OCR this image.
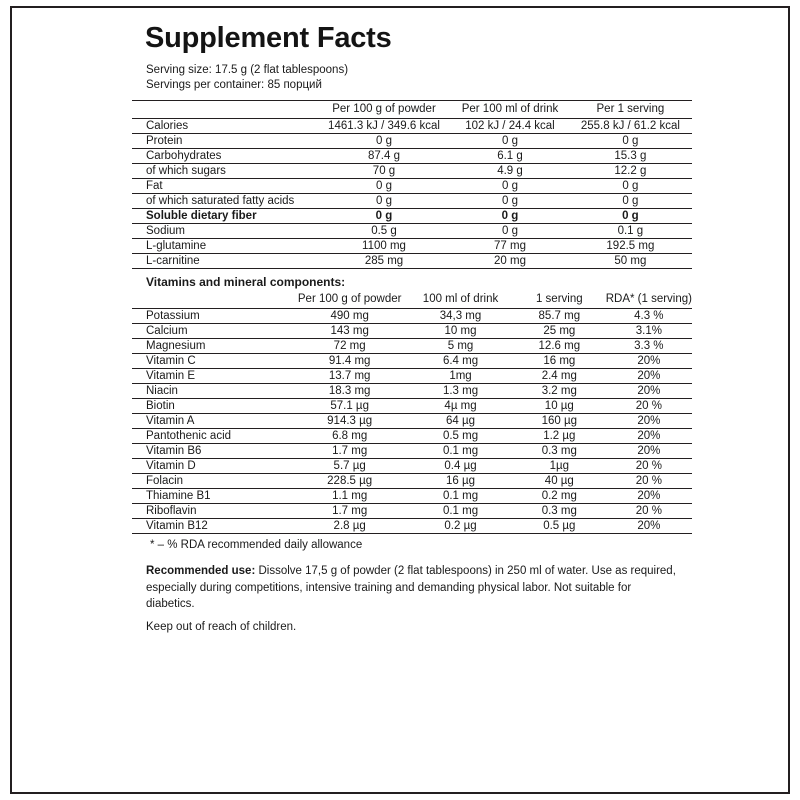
Supplement Facts
Serving size: 17.5 g (2 flat tablespoons)
Servings per container: 85 порций
	Per 100 g of powder	Per 100 ml of drink	Per 1 serving
Calories	1461.3 kJ / 349.6 kcal	102 kJ / 24.4 kcal	255.8 kJ / 61.2 kcal
Protein	0 g	0 g	0 g
Carbohydrates	87.4 g	6.1 g	15.3 g
of which sugars	70 g	4.9 g	12.2 g
Fat	0 g	0 g	0 g
of which saturated fatty acids	0 g	0 g	0 g
Soluble dietary fiber	0 g	0 g	0 g
Sodium	0.5 g	0 g	0.1 g
L-glutamine	1100 mg	77 mg	192.5 mg
L-carnitine	285 mg	20 mg	50 mg
Vitamins and mineral components:
	Per 100 g of powder	100 ml of drink	1 serving	RDA* (1 serving)
Potassium	490 mg	34,3 mg	85.7 mg	4.3 %
Calcium	143 mg	10 mg	25 mg	3.1%
Magnesium	72 mg	5 mg	12.6 mg	3.3 %
Vitamin C	91.4 mg	6.4 mg	16 mg	20%
Vitamin E	13.7 mg	1mg	2.4 mg	20%
Niacin	18.3 mg	1.3 mg	3.2 mg	20%
Biotin	57.1 µg	4µ mg	10 µg	20 %
Vitamin A	914.3 µg	64 µg	160 µg	20%
Pantothenic acid	6.8 mg	0.5 mg	1.2 µg	20%
Vitamin B6	1.7 mg	0.1 mg	0.3 mg	20%
Vitamin D	5.7 µg	0.4 µg	1µg	20 %
Folacin	228.5 µg	16 µg	40 µg	20 %
Thiamine B1	1.1 mg	0.1 mg	0.2 mg	20%
Riboflavin	1.7 mg	0.1 mg	0.3 mg	20 %
Vitamin B12	2.8 µg	0.2 µg	0.5 µg	20%
* – % RDA recommended daily allowance

Recommended use: Dissolve 17,5 g of powder (2 flat tablespoons) in 250 ml of water. Use as required, especially during competitions, intensive training and demanding physical labor. Not suitable for diabetics.

Keep out of reach of children.
